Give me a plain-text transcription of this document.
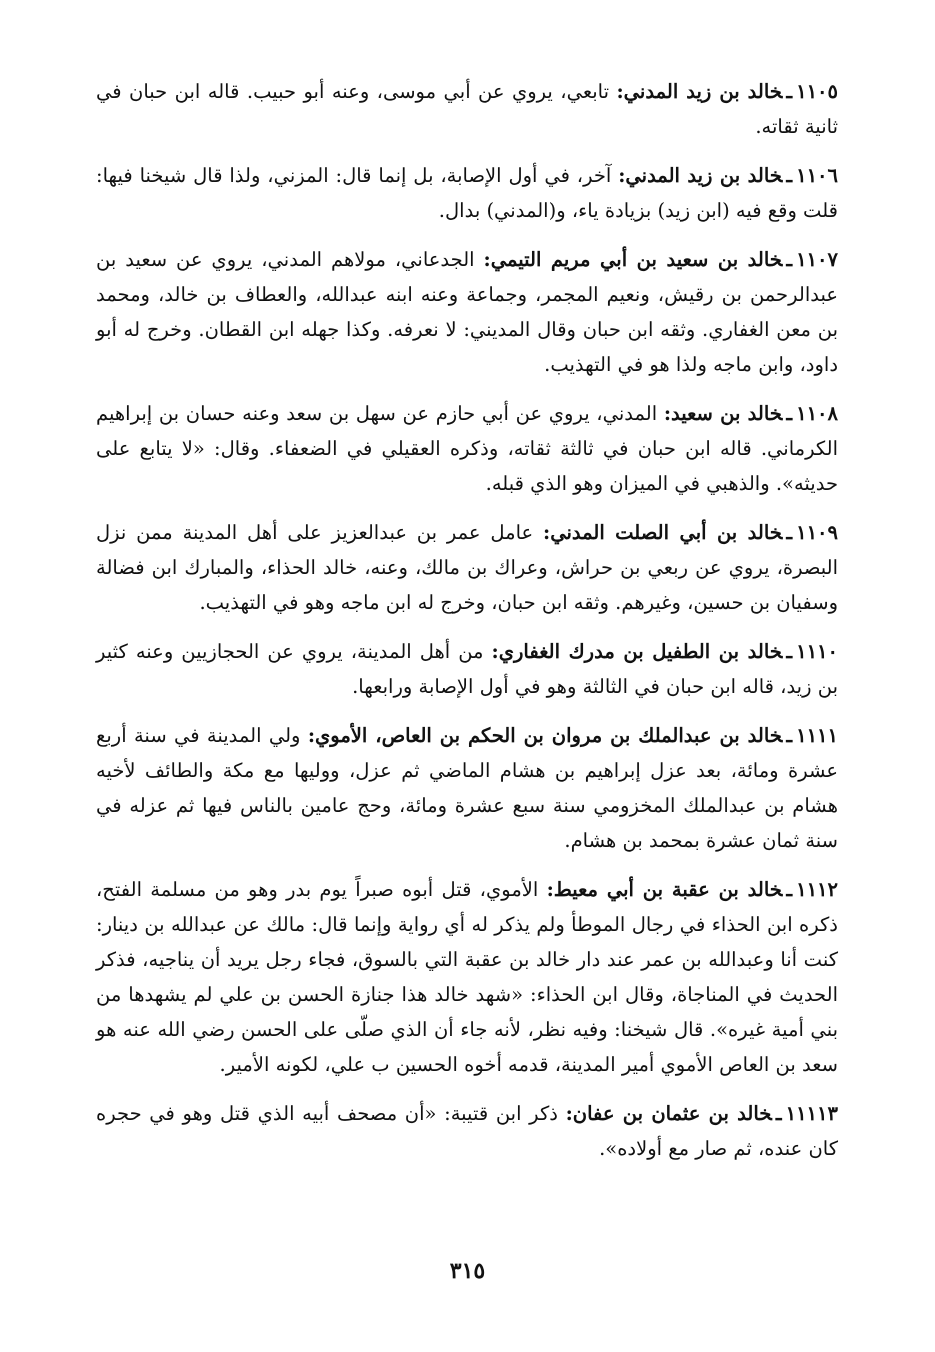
١١٠٥ـخالد بن زيد المدني: تابعي، يروي عن أبي موسى، وعنه أبو حبيب. قاله ابن حبان في ثانية ثقاته.

١١٠٦ـخالد بن زيد المدني: آخر، في أول الإصابة، بل إنما قال: المزني، ولذا قال شيخنا فيها: قلت وقع فيه (ابن زيد) بزيادة ياء، و(المدني) بدال.

١١٠٧ـخالد بن سعيد بن أبي مريم التيمي: الجدعاني، مولاهم المدني، يروي عن سعيد بن عبدالرحمن بن رقيش، ونعيم المجمر، وجماعة وعنه ابنه عبدالله، والعطاف بن خالد، ومحمد بن معن الغفاري. وثقه ابن حبان وقال المديني: لا نعرفه. وكذا جهله ابن القطان. وخرج له أبو داود، وابن ماجه ولذا هو في التهذيب.

١١٠٨ـخالد بن سعيد: المدني، يروي عن أبي حازم عن سهل بن سعد وعنه حسان بن إبراهيم الكرماني. قاله ابن حبان في ثالثة ثقاته، وذكره العقيلي في الضعفاء. وقال: «لا يتابع على حديثه». والذهبي في الميزان وهو الذي قبله.

١١٠٩ـخالد بن أبي الصلت المدني: عامل عمر بن عبدالعزيز على أهل المدينة ممن نزل البصرة، يروي عن ربعي بن حراش، وعراك بن مالك، وعنه، خالد الحذاء، والمبارك ابن فضالة وسفيان بن حسين، وغيرهم. وثقه ابن حبان، وخرج له ابن ماجه وهو في التهذيب.

١١١٠ـخالد بن الطفيل بن مدرك الغفاري: من أهل المدينة، يروي عن الحجازيين وعنه كثير بن زيد، قاله ابن حبان في الثالثة وهو في أول الإصابة ورابعها.

١١١١ـخالد بن عبدالملك بن مروان بن الحكم بن العاص، الأموي: ولي المدينة في سنة أربع عشرة ومائة، بعد عزل إبراهيم بن هشام الماضي ثم عزل، ووليها مع مكة والطائف لأخيه هشام بن عبدالملك المخزومي سنة سبع عشرة ومائة، وحج عامين بالناس فيها ثم عزله في سنة ثمان عشرة بمحمد بن هشام.

١١١٢ـخالد بن عقبة بن أبي معيط: الأموي، قتل أبوه صبراً يوم بدر وهو من مسلمة الفتح، ذكره ابن الحذاء في رجال الموطأ ولم يذكر له أي رواية وإنما قال: مالك عن عبدالله بن دينار: كنت أنا وعبدالله بن عمر عند دار خالد بن عقبة التي بالسوق، فجاء رجل يريد أن يناجيه، فذكر الحديث في المناجاة، وقال ابن الحذاء: «شهد خالد هذا جنازة الحسن بن علي لم يشهدها من بني أمية غيره». قال شيخنا: وفيه نظر، لأنه جاء أن الذي صلّى على الحسن رضي الله عنه هو سعد بن العاص الأموي أمير المدينة، قدمه أخوه الحسين ب علي، لكونه الأمير.

١١١١٣ـخالد بن عثمان بن عفان: ذكر ابن قتيبة: «أن مصحف أبيه الذي قتل وهو في حجره كان عنده، ثم صار مع أولاده».

٣١٥
